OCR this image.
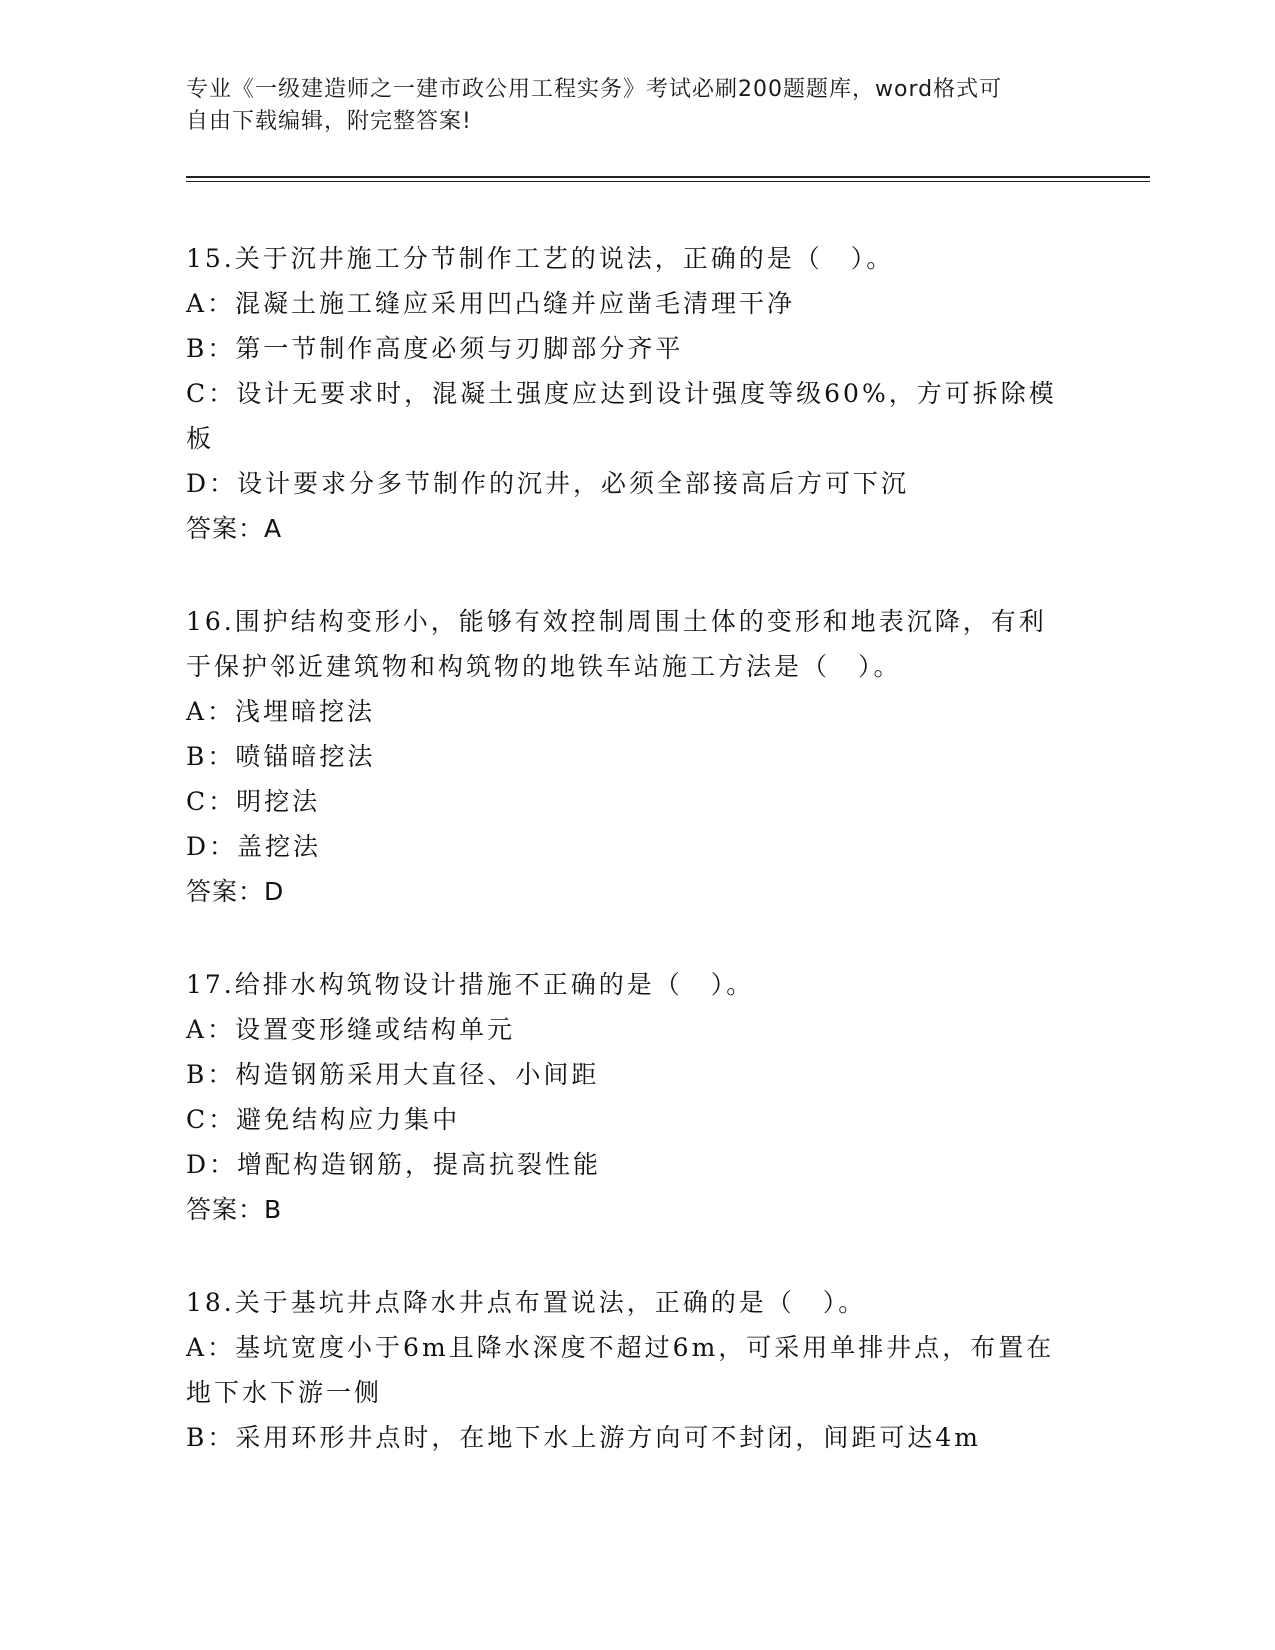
专业《一级建造师之一建市政公用工程实务》考试必刷200题题库，word格式可
自由下载编辑，附完整答案!
15.关于沉井施工分节制作工艺的说法，正确的是（　）。
A：混凝土施工缝应采用凹凸缝并应凿毛清理干净
B：第一节制作高度必须与刃脚部分齐平
C：设计无要求时，混凝土强度应达到设计强度等级60%，方可拆除模
板
D：设计要求分多节制作的沉井，必须全部接高后方可下沉
答案：A
16.围护结构变形小，能够有效控制周围土体的变形和地表沉降，有利
于保护邻近建筑物和构筑物的地铁车站施工方法是（　）。
A：浅埋暗挖法
B：喷锚暗挖法
C：明挖法
D：盖挖法
答案：D
17.给排水构筑物设计措施不正确的是（　）。
A：设置变形缝或结构单元
B：构造钢筋采用大直径、小间距
C：避免结构应力集中
D：增配构造钢筋，提高抗裂性能
答案：B
18.关于基坑井点降水井点布置说法，正确的是（　）。
A：基坑宽度小于6m且降水深度不超过6m，可采用单排井点，布置在
地下水下游一侧
B：采用环形井点时，在地下水上游方向可不封闭，间距可达4m
